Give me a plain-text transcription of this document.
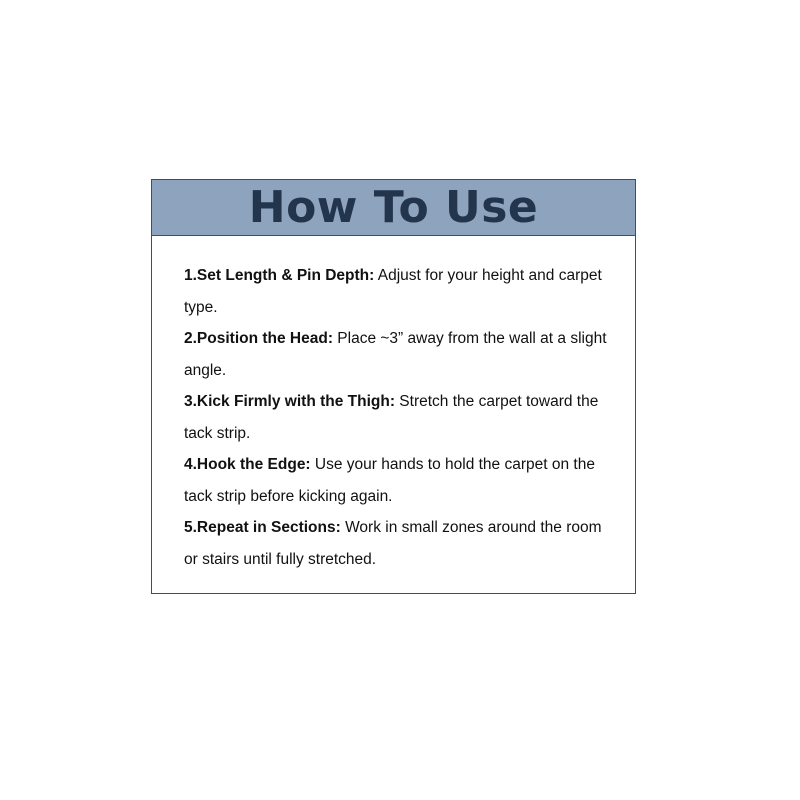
How To Use
1.Set Length & Pin Depth: Adjust for your height and carpet type.
2.Position the Head: Place ~3” away from the wall at a slight angle.
3.Kick Firmly with the Thigh: Stretch the carpet toward the tack strip.
4.Hook the Edge: Use your hands to hold the carpet on the tack strip before kicking again.
5.Repeat in Sections: Work in small zones around the room or stairs until fully stretched.
